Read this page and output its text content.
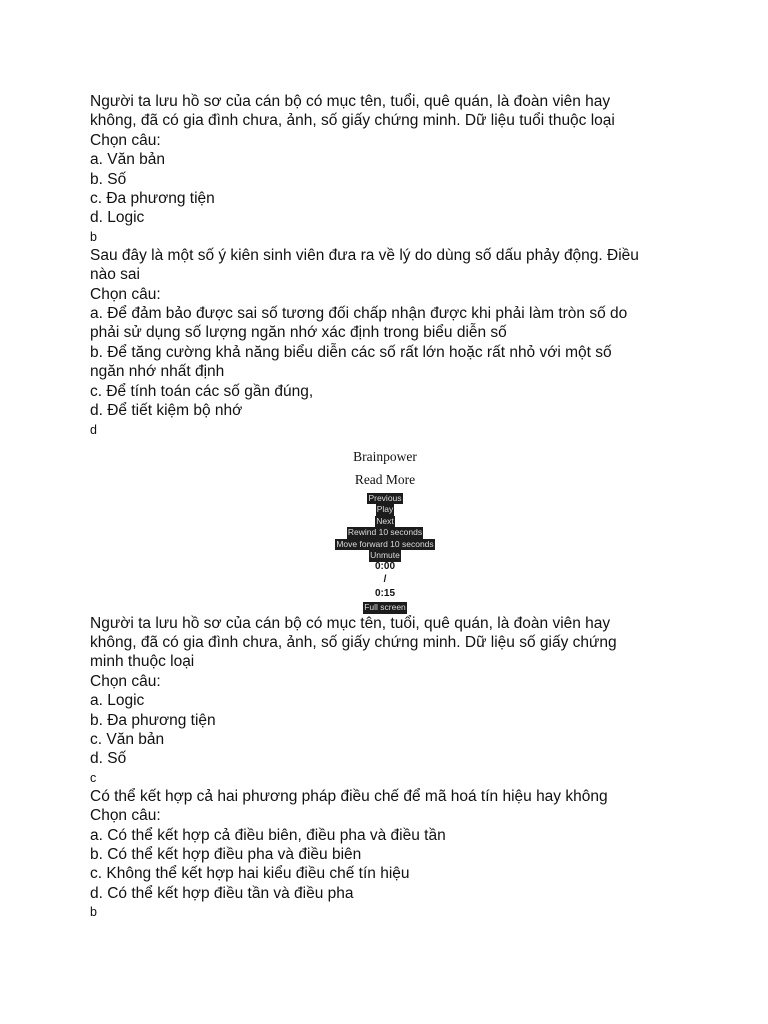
Người ta lưu hồ sơ của cán bộ có mục tên, tuổi, quê quán, là đoàn viên hay
không, đã có gia đình chưa, ảnh, số giấy chứng minh. Dữ liệu tuổi thuộc loại
Chọn câu:
a. Văn bản
b. Số
c. Đa phương tiện
d. Logic
b
Sau đây là một số ý kiên sinh viên đưa ra về lý do dùng số dấu phảy động. Điều
nào sai
Chọn câu:
a. Để đảm bảo được sai số tương đối chấp nhận được khi phải làm tròn số do
phải sử dụng số lượng ngăn nhớ xác định trong biểu diễn số
b. Để tăng cường khả năng biểu diễn các số rất lớn hoặc rất nhỏ với một số
ngăn nhớ nhất định
c. Để tính toán các số gần đúng,
d. Để tiết kiệm bộ nhớ
d
Brainpower
Read More
Previous
Play
Next
Rewind 10 seconds
Move forward 10 seconds
Unmute
0:00
/
0:15
Full screen
Người ta lưu hồ sơ của cán bộ có mục tên, tuổi, quê quán, là đoàn viên hay
không, đã có gia đình chưa, ảnh, số giấy chứng minh. Dữ liệu số giấy chứng
minh thuộc loại
Chọn câu:
a. Logic
b. Đa phương tiện
c. Văn bản
d. Số
c
Có thể kết hợp cả hai phương pháp điều chế để mã hoá tín hiệu hay không
Chọn câu:
a. Có thể kết hợp cả điều biên, điều pha và điều tần
b. Có thể kết hợp điều pha và điều biên
c. Không thể kết hợp hai kiểu điều chế tín hiệu
d. Có thể kết hợp điều tần và điều pha
b
